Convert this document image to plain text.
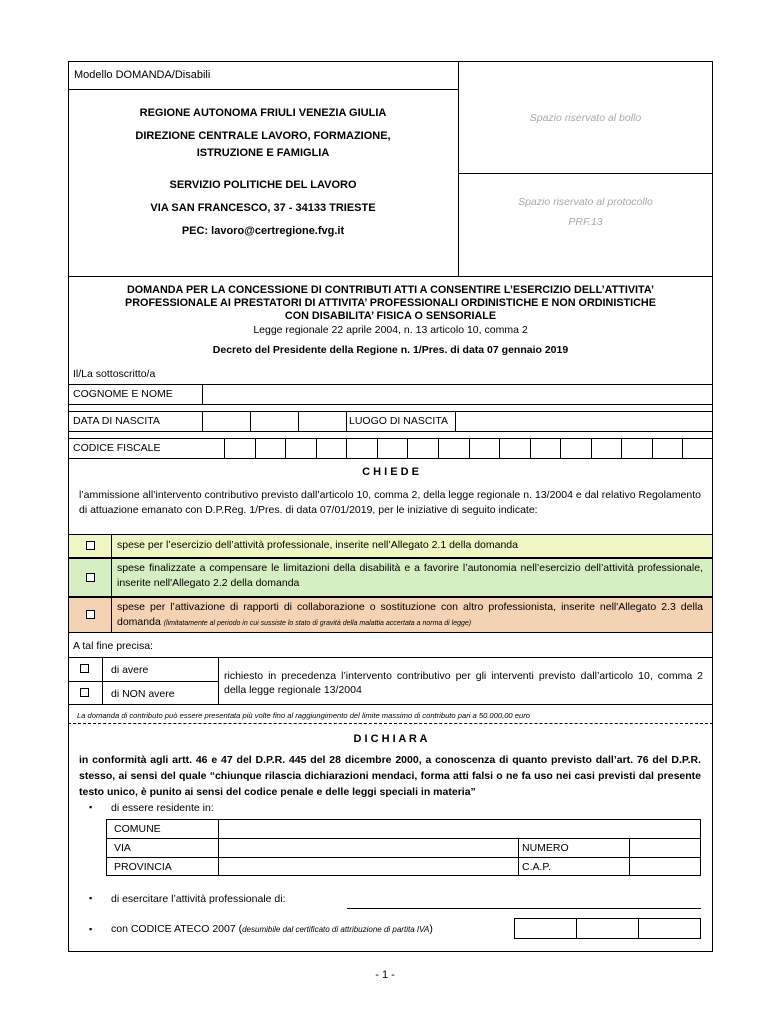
Modello DOMANDA/Disabili
REGIONE AUTONOMA FRIULI VENEZIA GIULIA
DIREZIONE CENTRALE LAVORO, FORMAZIONE,
ISTRUZIONE E FAMIGLIA
SERVIZIO POLITICHE DEL LAVORO
VIA SAN FRANCESCO, 37 - 34133 TRIESTE
PEC: lavoro@certregione.fvg.it
Spazio riservato al bollo
Spazio riservato al protocollo
PRF.13
DOMANDA PER LA CONCESSIONE DI CONTRIBUTI ATTI A CONSENTIRE L’ESERCIZIO DELL’ATTIVITA’
PROFESSIONALE AI PRESTATORI DI ATTIVITA’ PROFESSIONALI ORDINISTICHE E NON ORDINISTICHE
CON DISABILITA’ FISICA O SENSORIALE
Legge regionale 22 aprile 2004, n. 13 articolo 10, comma 2
Decreto del Presidente della Regione n. 1/Pres. di data 07 gennaio 2019
Il/La sottoscritto/a
COGNOME E NOME
DATA DI NASCITA	LUOGO DI NASCITA
CODICE FISCALE
C H I E D E
l’ammissione all’intervento contributivo previsto dall’articolo 10, comma 2, della legge regionale n. 13/2004 e dal relativo Regolamento di attuazione emanato con D.P.Reg. 1/Pres. di data 07/01/2019, per le iniziative di seguito indicate:
spese per l’esercizio dell’attività professionale, inserite nell’Allegato 2.1 della domanda
spese finalizzate a compensare le limitazioni della disabilità e a favorire l’autonomia nell’esercizio dell’attività professionale, inserite nell'Allegato 2.2 della domanda
spese per l’attivazione di rapporti di collaborazione o sostituzione con altro professionista, inserite nell'Allegato 2.3 della domanda (limitatamente al periodo in cui sussiste lo stato di gravità della malattia accertata a norma di legge)
A tal fine precisa:
di avere
di NON avere
richiesto in precedenza l’intervento contributivo per gli interventi previsto dall’articolo 10, comma 2 della legge regionale 13/2004
La domanda di contributo può essere presentata più volte fino al raggiungimento del limite massimo di contributo pari a 50.000,00 euro
D I C H I A R A
in conformità agli artt. 46 e 47 del D.P.R. 445 del 28 dicembre 2000, a conoscenza di quanto previsto dall’art. 76 del D.P.R. stesso, ai sensi del quale “chiunque rilascia dichiarazioni mendaci, forma atti falsi o ne fa uso nei casi previsti dal presente testo unico, è punito ai sensi del codice penale e delle leggi speciali in materia”
▪ di essere residente in:
COMUNE
VIA	NUMERO
PROVINCIA	C.A.P.
▪ di esercitare l’attività professionale di:
▪ con CODICE ATECO 2007 (desumibile dal certificato di attribuzione di partita IVA)
- 1 -
